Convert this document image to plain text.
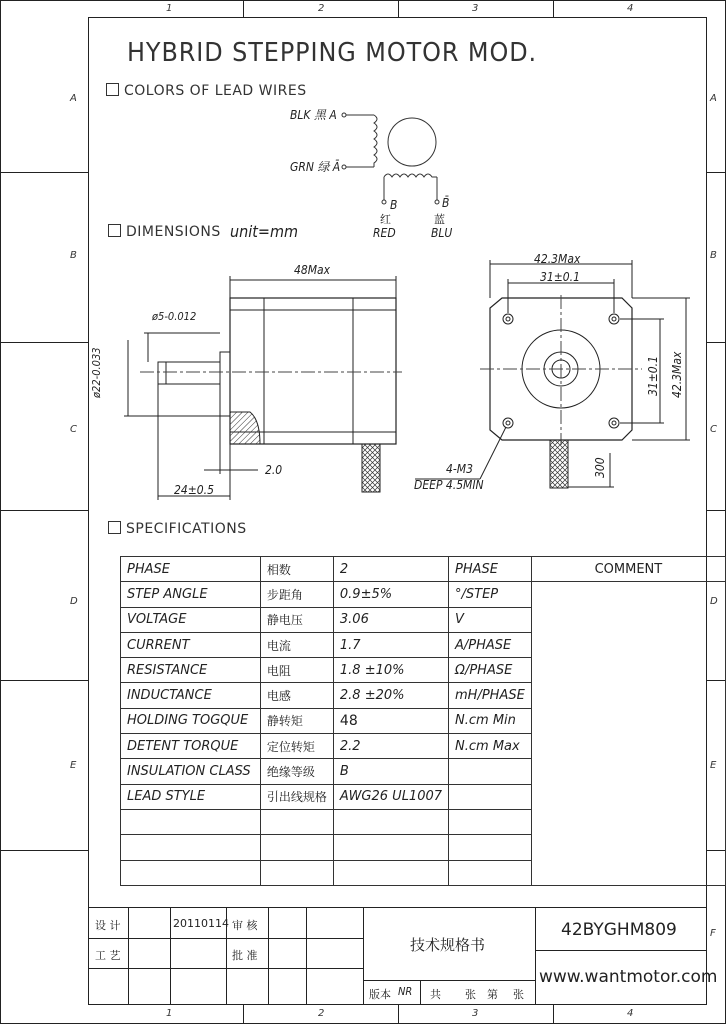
1	2	3	4
1	2	3	4
A
B
C
D
E
A
B
C
D
E
F
HYBRID STEPPING MOTOR MOD.
COLORS OF LEAD WIRES
BLK 黑 A
GRN 绿 Ā
B	B̄
红	蓝
RED	BLU
DIMENSIONS unit=mm
48Max
ø5-0.012
ø22-0.033
2.0
24±0.5
42.3Max
31±0.1
31±0.1 42.3Max
4-M3
DEEP 4.5MIN
300
SPECIFICATIONS
PHASE	相数	2	PHASE	COMMENT
STEP ANGLE	步距角	0.9±5%	°/STEP	
VOLTAGE	静电压	3.06	V	
CURRENT	电流	1.7	A/PHASE	
RESISTANCE	电阻	1.8 ±10%	Ω/PHASE	
INDUCTANCE	电感	2.8 ±20%	mH/PHASE	
HOLDING TOGQUE	静转矩	48	N.cm Min	
DETENT TORQUE	定位转矩	2.2	N.cm Max	
INSULATION CLASS	绝缘等级	B		
LEAD STYLE	引出线规格	AWG26 UL1007		

设 计
工 艺
20110114 审 核
批 准
技术规格书
版本 NR 共 张 第 张
42BYGHM809
www.wantmotor.com
